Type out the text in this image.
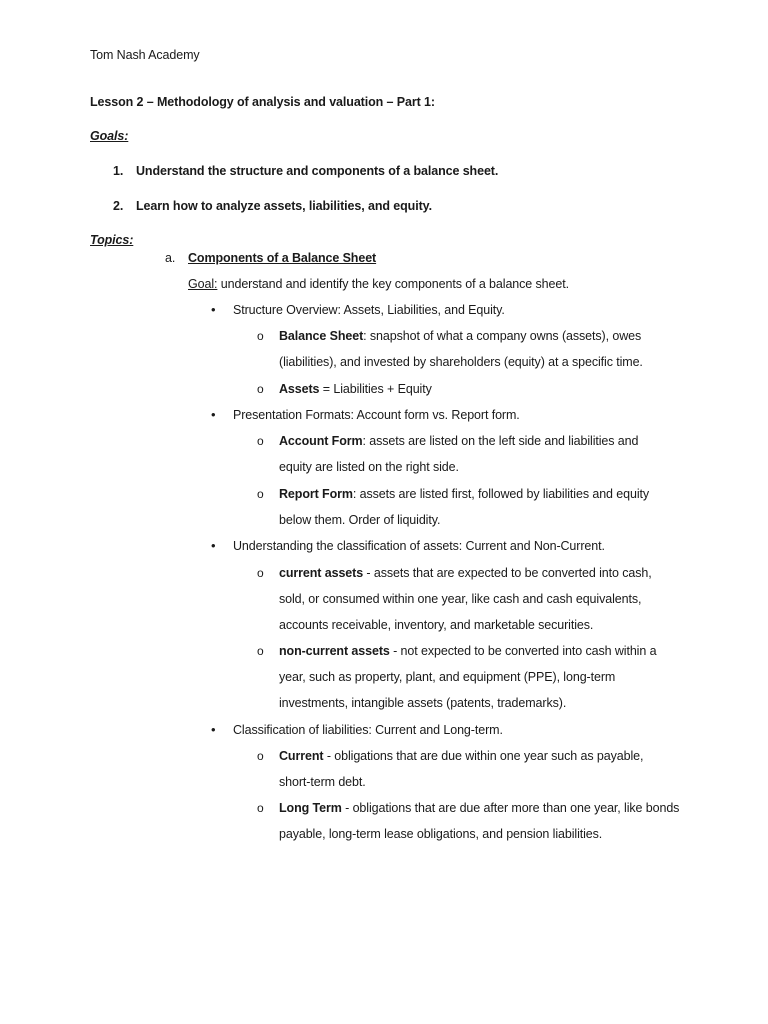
Tom Nash Academy
Lesson 2 – Methodology of analysis and valuation – Part 1:
Goals:
1. Understand the structure and components of a balance sheet.
2. Learn how to analyze assets, liabilities, and equity.
Topics:
a. Components of a Balance Sheet
Goal: understand and identify the key components of a balance sheet.
• Structure Overview: Assets, Liabilities, and Equity.
o Balance Sheet: snapshot of what a company owns (assets), owes
(liabilities), and invested by shareholders (equity) at a specific time.
o Assets = Liabilities + Equity
• Presentation Formats: Account form vs. Report form.
o Account Form: assets are listed on the left side and liabilities and
equity are listed on the right side.
o Report Form: assets are listed first, followed by liabilities and equity
below them. Order of liquidity.
• Understanding the classification of assets: Current and Non-Current.
o current assets - assets that are expected to be converted into cash,
sold, or consumed within one year, like cash and cash equivalents,
accounts receivable, inventory, and marketable securities.
o non-current assets - not expected to be converted into cash within a
year, such as property, plant, and equipment (PPE), long-term
investments, intangible assets (patents, trademarks).
• Classification of liabilities: Current and Long-term.
o Current - obligations that are due within one year such as payable,
short-term debt.
o Long Term - obligations that are due after more than one year, like bonds
payable, long-term lease obligations, and pension liabilities.
